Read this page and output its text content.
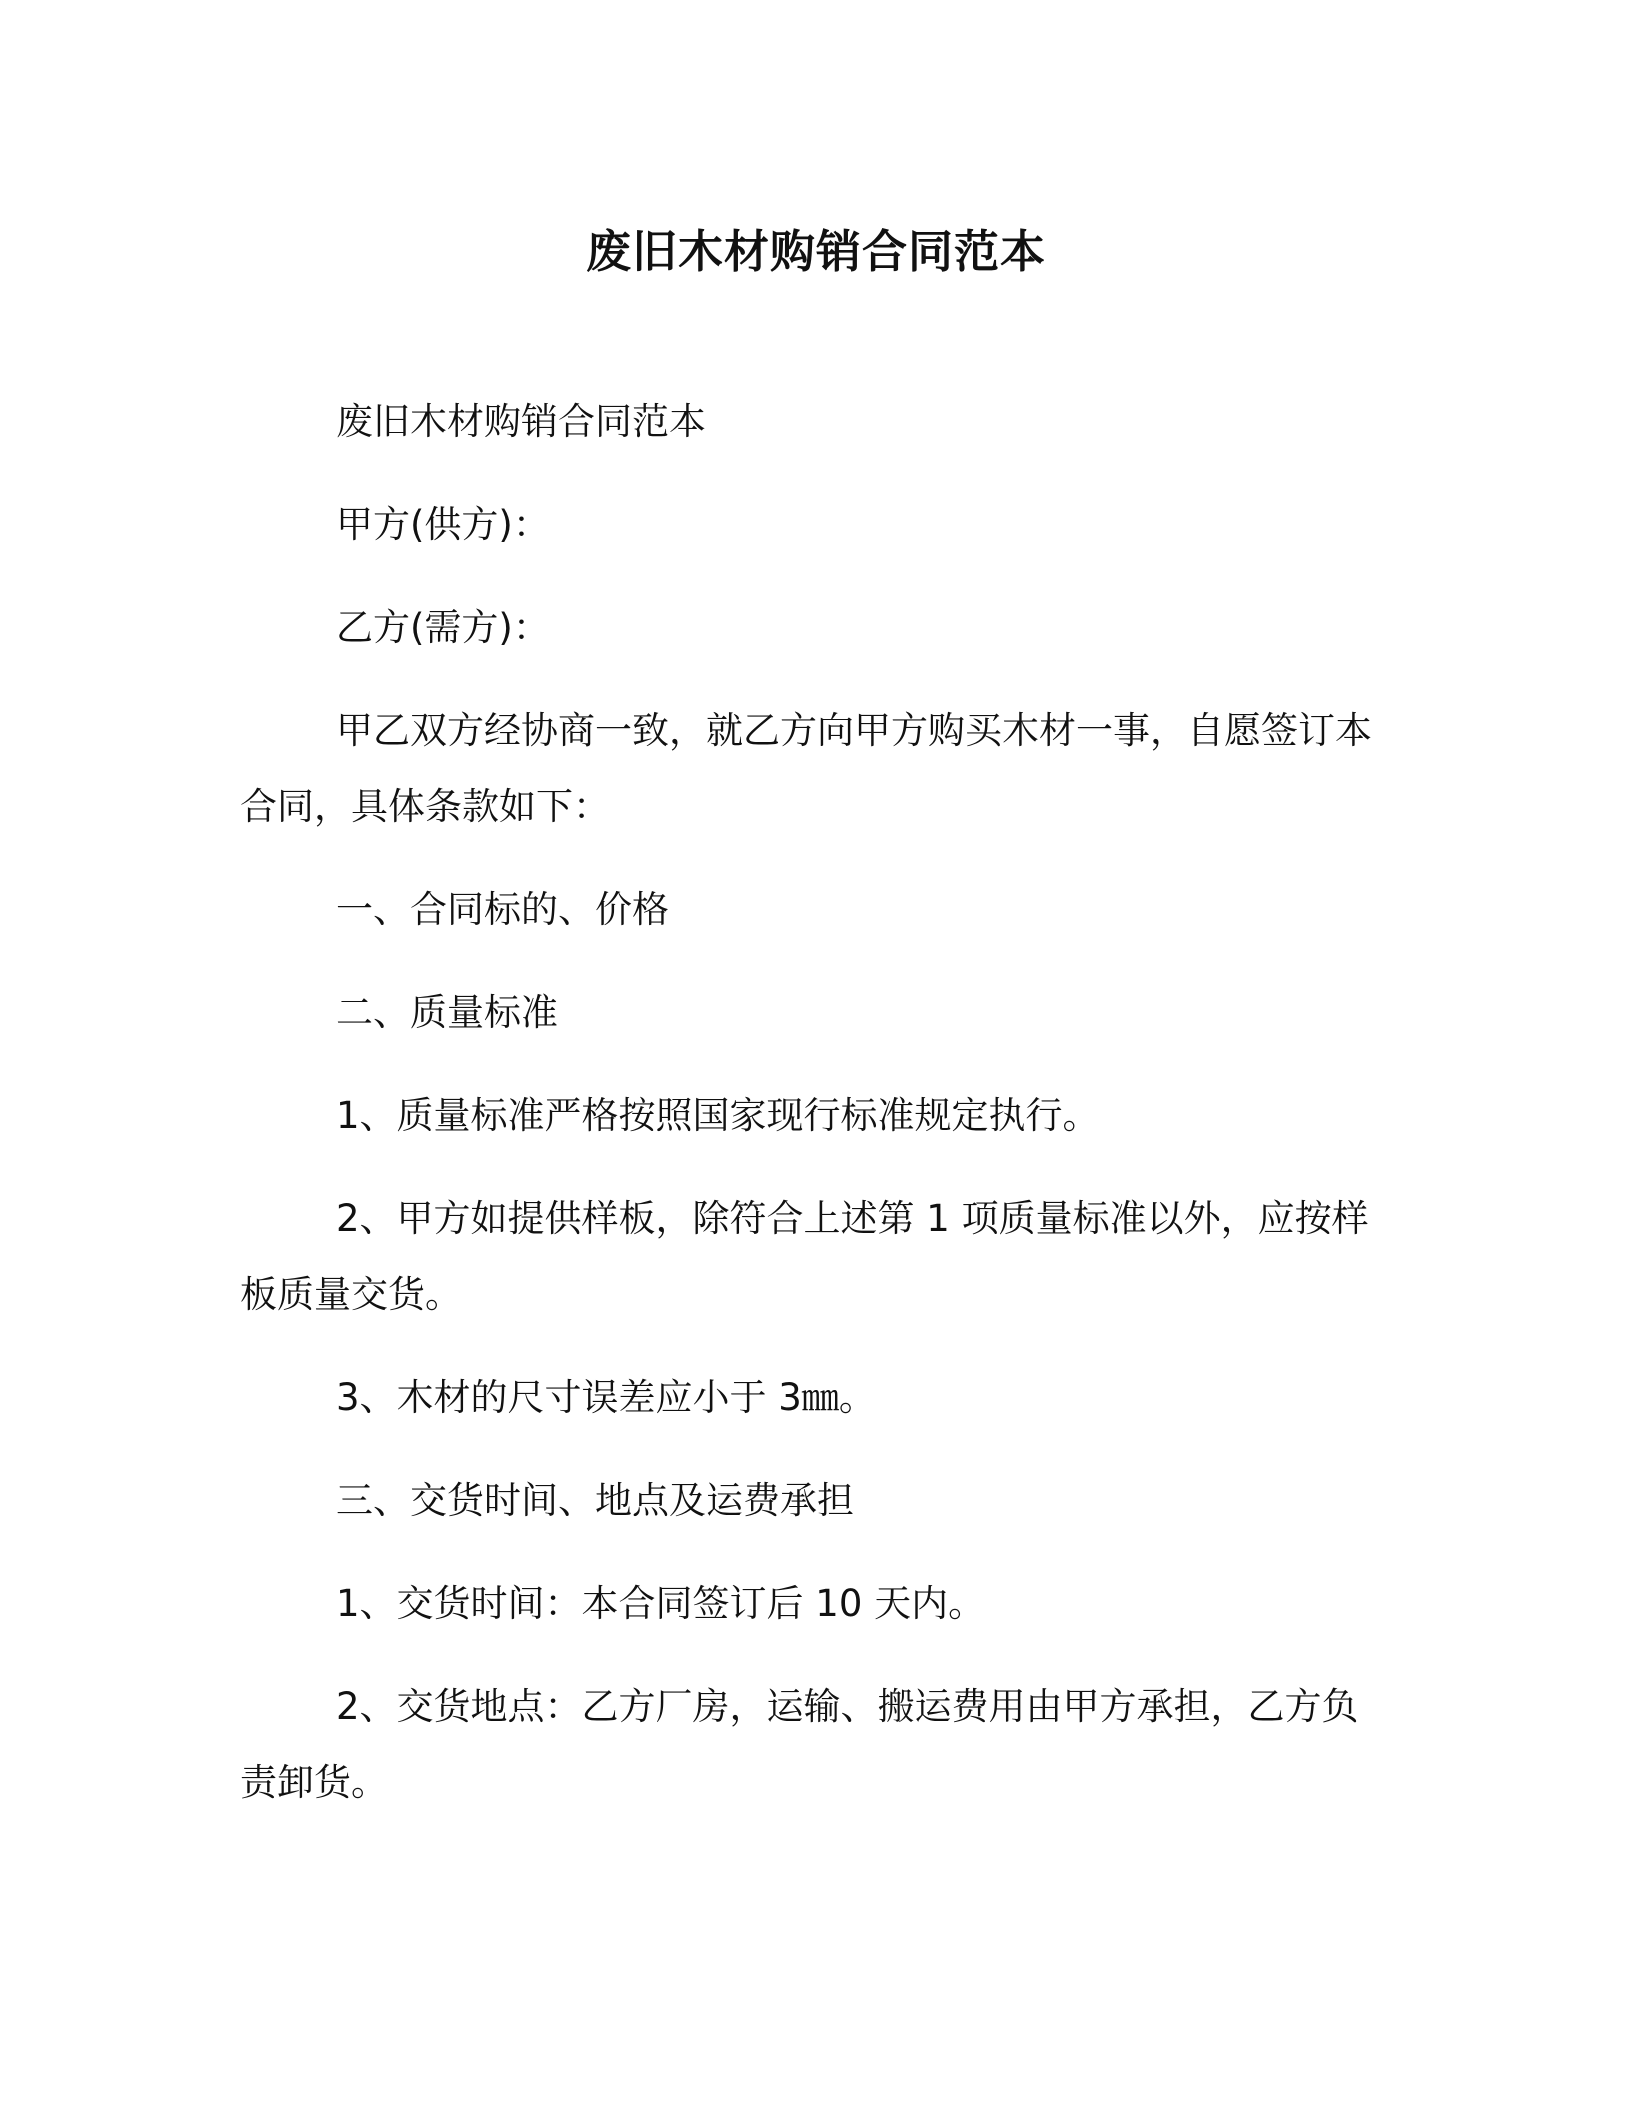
废旧木材购销合同范本

废旧木材购销合同范本

甲方(供方)：

乙方(需方)：

甲乙双方经协商一致，就乙方向甲方购买木材一事，自愿签订本合同，具体条款如下：

一、合同标的、价格

二、质量标准

1、质量标准严格按照国家现行标准规定执行。

2、甲方如提供样板，除符合上述第 1 项质量标准以外，应按样板质量交货。

3、木材的尺寸误差应小于 3㎜。

三、交货时间、地点及运费承担

1、交货时间：本合同签订后 10 天内。

2、交货地点：乙方厂房，运输、搬运费用由甲方承担，乙方负责卸货。
